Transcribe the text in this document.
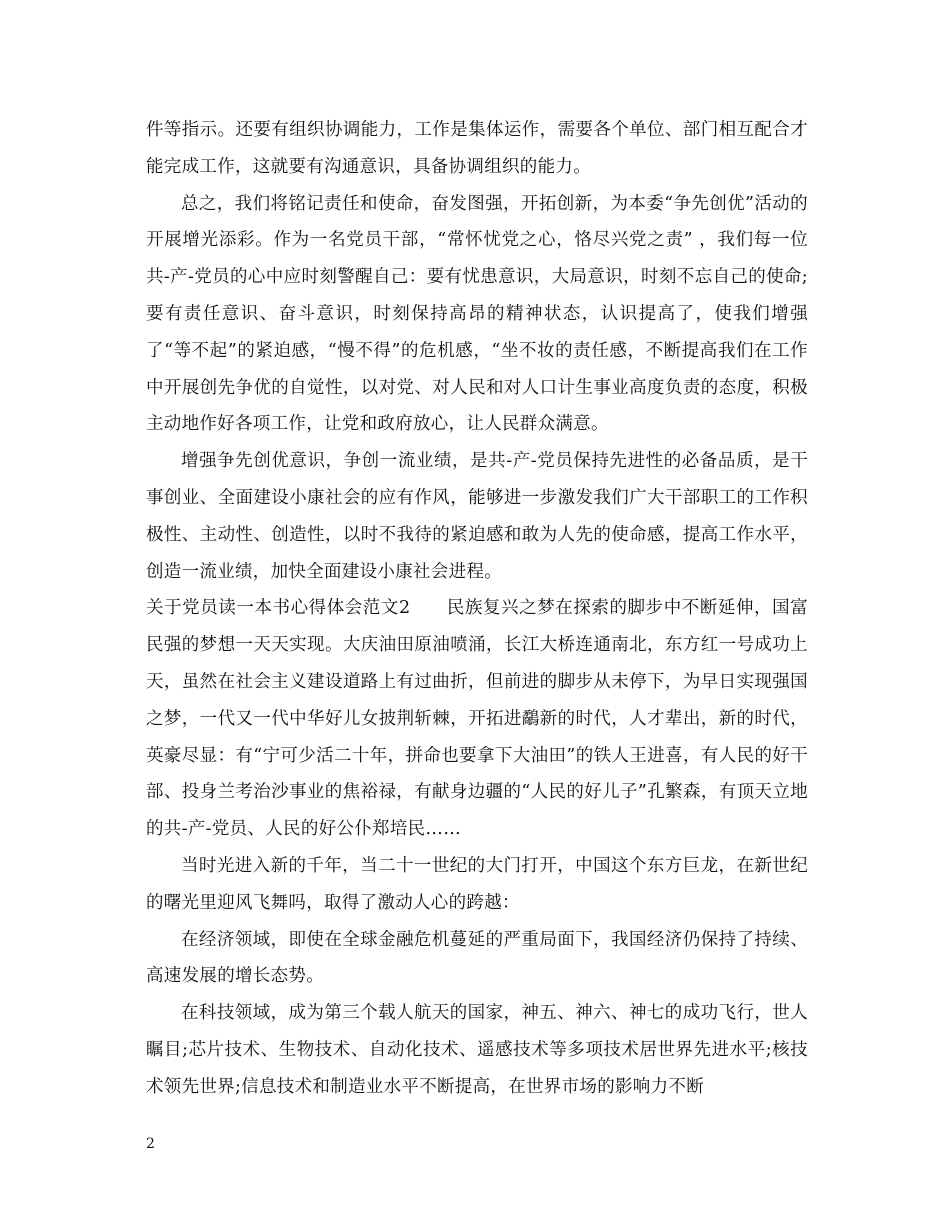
件等指示。还要有组织协调能力，工作是集体运作，需要各个单位、部门相互配合才能完成工作，这就要有沟通意识，具备协调组织的能力。

总之，我们将铭记责任和使命，奋发图强，开拓创新，为本委“争先创优”活动的开展增光添彩。作为一名党员干部，“常怀忧党之心，恪尽兴党之责” ，我们每一位共-产-党员的心中应时刻警醒自己：要有忧患意识，大局意识，时刻不忘自己的使命;要有责任意识、奋斗意识，时刻保持高昂的精神状态，认识提高了，使我们增强了“等不起”的紧迫感，“慢不得”的危机感，“坐不妆的责任感，不断提高我们在工作中开展创先争优的自觉性，以对党、对人民和对人口计生事业高度负责的态度，积极主动地作好各项工作，让党和政府放心，让人民群众满意。

增强争先创优意识，争创一流业绩，是共-产-党员保持先进性的必备品质，是干事创业、全面建设小康社会的应有作风，能够进一步激发我们广大干部职工的工作积极性、主动性、创造性，以时不我待的紧迫感和敢为人先的使命感，提高工作水平，创造一流业绩，加快全面建设小康社会进程。

关于党员读一本书心得体会范文2　　民族复兴之梦在探索的脚步中不断延伸，国富民强的梦想一天天实现。大庆油田原油喷涌，长江大桥连通南北，东方红一号成功上天，虽然在社会主义建设道路上有过曲折，但前进的脚步从未停下，为早日实现强国之梦，一代又一代中华好儿女披荆斩棘，开拓进鷸新的时代，人才辈出，新的时代，英豪尽显：有“宁可少活二十年，拼命也要拿下大油田”的铁人王进喜，有人民的好干部、投身兰考治沙事业的焦裕禄，有献身边疆的“人民的好儿子”孔繁森，有顶天立地的共-产-党员、人民的好公仆郑培民……

当时光进入新的千年，当二十一世纪的大门打开，中国这个东方巨龙，在新世纪的曙光里迎风飞舞吗，取得了激动人心的跨越：

在经济领域，即使在全球金融危机蔓延的严重局面下，我国经济仍保持了持续、高速发展的增长态势。

在科技领域，成为第三个载人航天的国家，神五、神六、神七的成功飞行，世人瞩目;芯片技术、生物技术、自动化技术、遥感技术等多项技术居世界先进水平;核技术领先世界;信息技术和制造业水平不断提高，在世界市场的影响力不断

2
